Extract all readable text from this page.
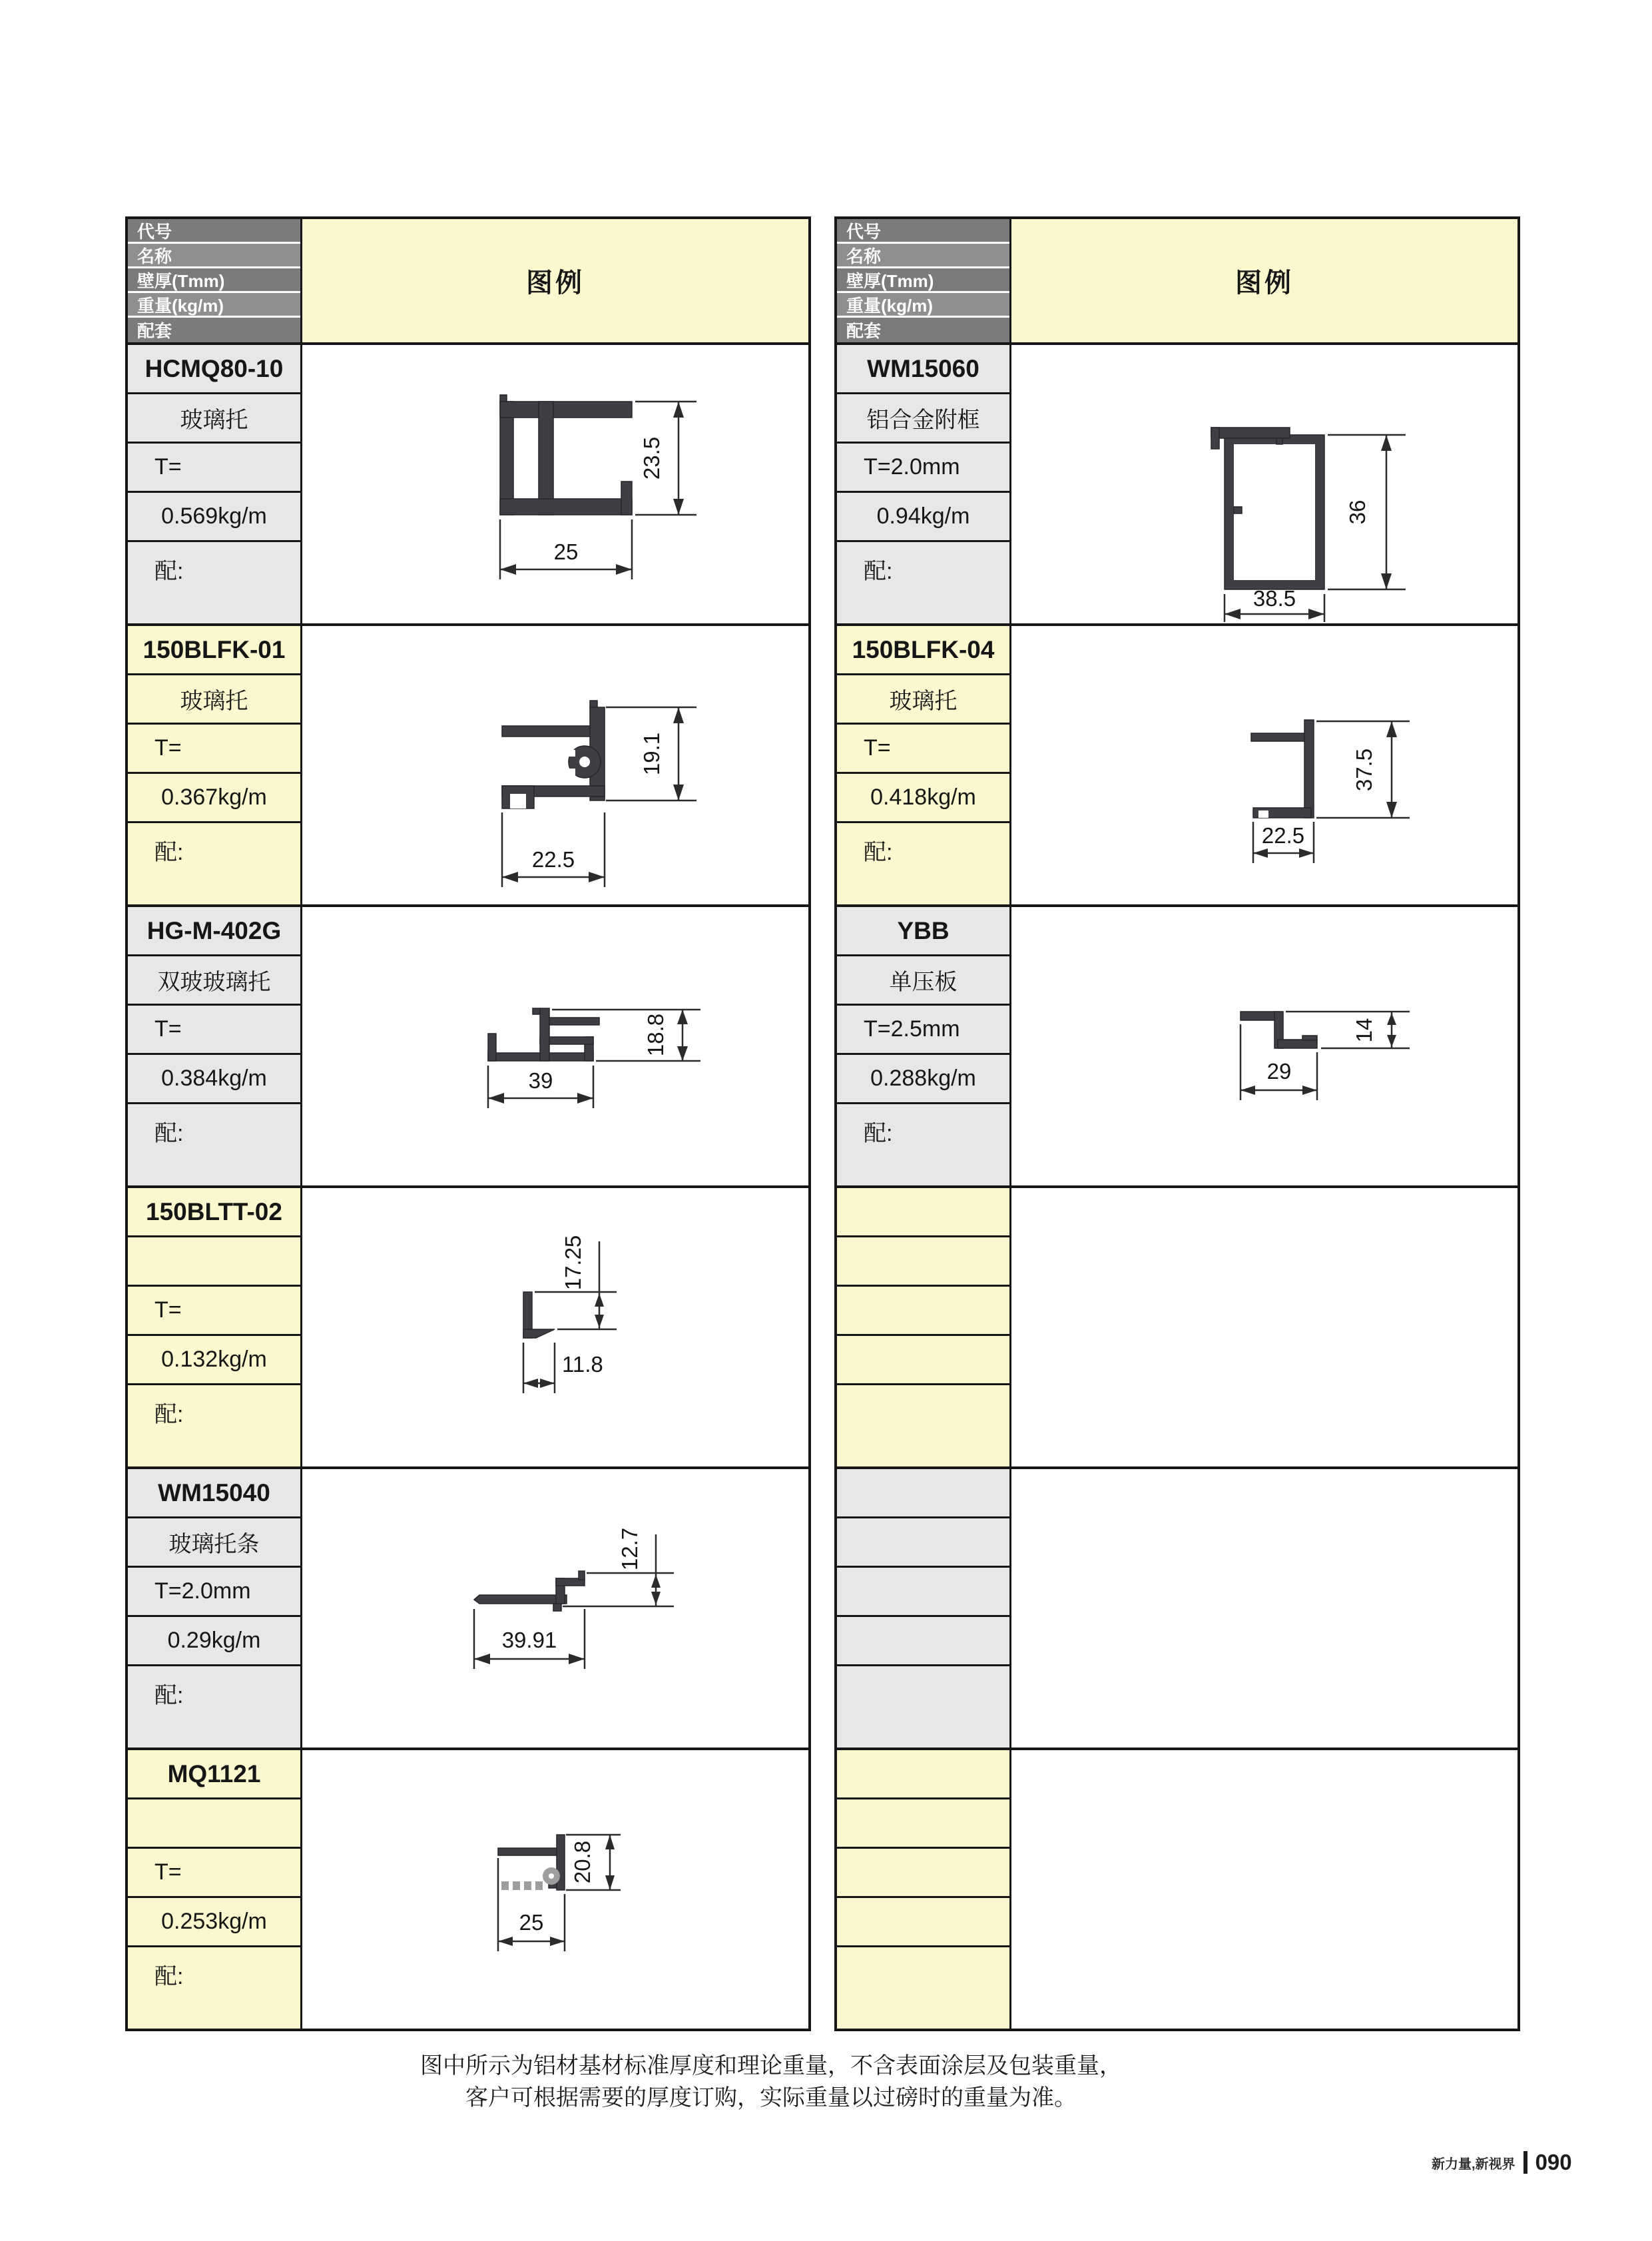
代号
名称
壁厚(Tmm)
重量(kg/m)
配套
图例
HCMQ80-10
玻璃托
T=
0.569kg/m
配:
23.5
25
150BLFK-01
玻璃托
T=
0.367kg/m
配:
19.1
22.5
HG-M-402G
双玻玻璃托
T=
0.384kg/m
配:
18.8
39
150BLTT-02
T=
0.132kg/m
配:
17.25
11.8
WM15040
玻璃托条
T=2.0mm
0.29kg/m
配:
12.7
39.91
MQ1121
T=
0.253kg/m
配:
20.8
25
代号
名称
壁厚(Tmm)
重量(kg/m)
配套
图例
WM15060
铝合金附框
T=2.0mm
0.94kg/m
配:
36
38.5
150BLFK-04
玻璃托
T=
0.418kg/m
配:
37.5
22.5
YBB
单压板
T=2.5mm
0.288kg/m
配:
14
29
图中所示为铝材基材标准厚度和理论重量，不含表面涂层及包装重量，
客户可根据需要的厚度订购，实际重量以过磅时的重量为准。
新力量,新视界 090
